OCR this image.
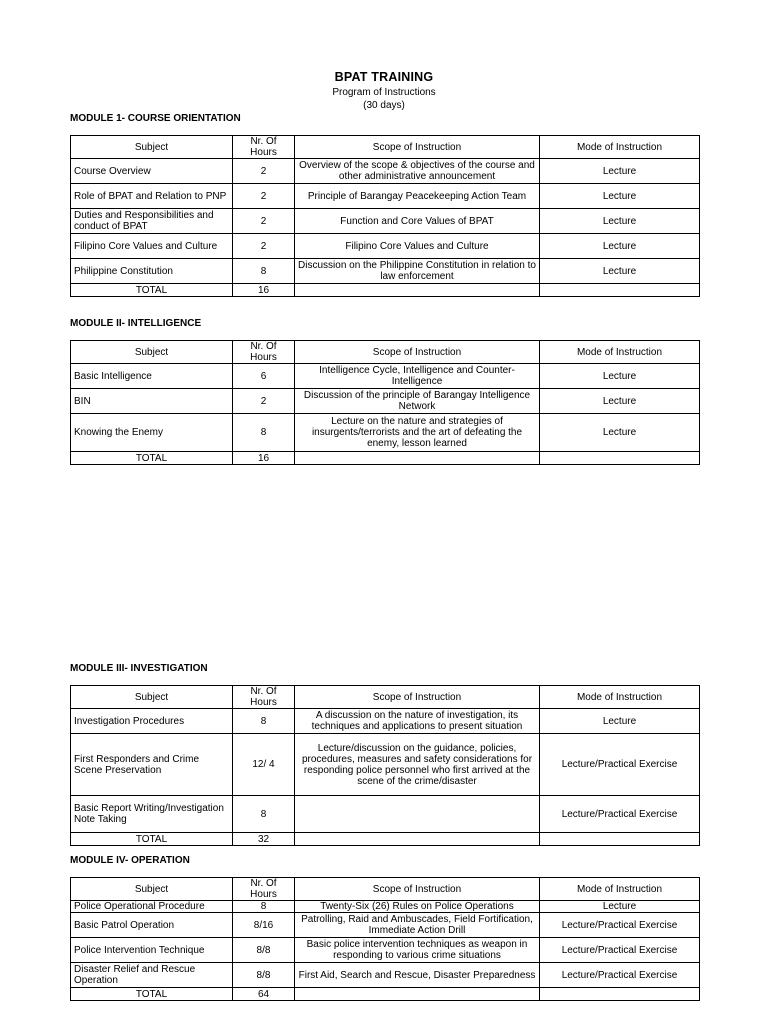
BPAT TRAINING
Program of Instructions
(30 days)
MODULE 1- COURSE ORIENTATION
Subject	Nr. Of Hours	Scope of Instruction	Mode of Instruction
Course Overview	2	Overview of the scope & objectives of the course and other administrative announcement	Lecture
Role of BPAT and Relation to PNP	2	Principle of Barangay Peacekeeping Action Team	Lecture
Duties and Responsibilities and conduct of BPAT	2	Function and Core Values of BPAT	Lecture
Filipino Core Values and Culture	2	Filipino Core Values and Culture	Lecture
Philippine Constitution	8	Discussion on the Philippine Constitution in relation to law enforcement	Lecture
TOTAL	16		
MODULE II- INTELLIGENCE
Subject	Nr. Of Hours	Scope of Instruction	Mode of Instruction
Basic Intelligence	6	Intelligence Cycle, Intelligence and Counter-Intelligence	Lecture
BIN	2	Discussion of the principle of Barangay Intelligence Network	Lecture
Knowing the Enemy	8	Lecture on the nature and strategies of insurgents/terrorists and the art of defeating the enemy, lesson learned	Lecture
TOTAL	16		
MODULE III- INVESTIGATION
Subject	Nr. Of Hours	Scope of Instruction	Mode of Instruction
Investigation Procedures	8	A discussion on the nature of investigation, its techniques and applications to present situation	Lecture
First Responders and Crime Scene Preservation	12/ 4	Lecture/discussion on the guidance, policies, procedures, measures and safety considerations for responding police personnel who first arrived at the scene of the crime/disaster	Lecture/Practical Exercise
Basic Report Writing/Investigation Note Taking	8		Lecture/Practical Exercise
TOTAL	32		
MODULE IV- OPERATION
Subject	Nr. Of Hours	Scope of Instruction	Mode of Instruction
Police Operational Procedure	8	Twenty-Six (26) Rules on Police Operations	Lecture
Basic Patrol Operation	8/16	Patrolling, Raid and Ambuscades, Field Fortification, Immediate Action Drill	Lecture/Practical Exercise
Police Intervention Technique	8/8	Basic police intervention techniques as weapon in responding to various crime situations	Lecture/Practical Exercise
Disaster Relief and Rescue Operation	8/8	First Aid, Search and Rescue, Disaster Preparedness	Lecture/Practical Exercise
TOTAL	64		
